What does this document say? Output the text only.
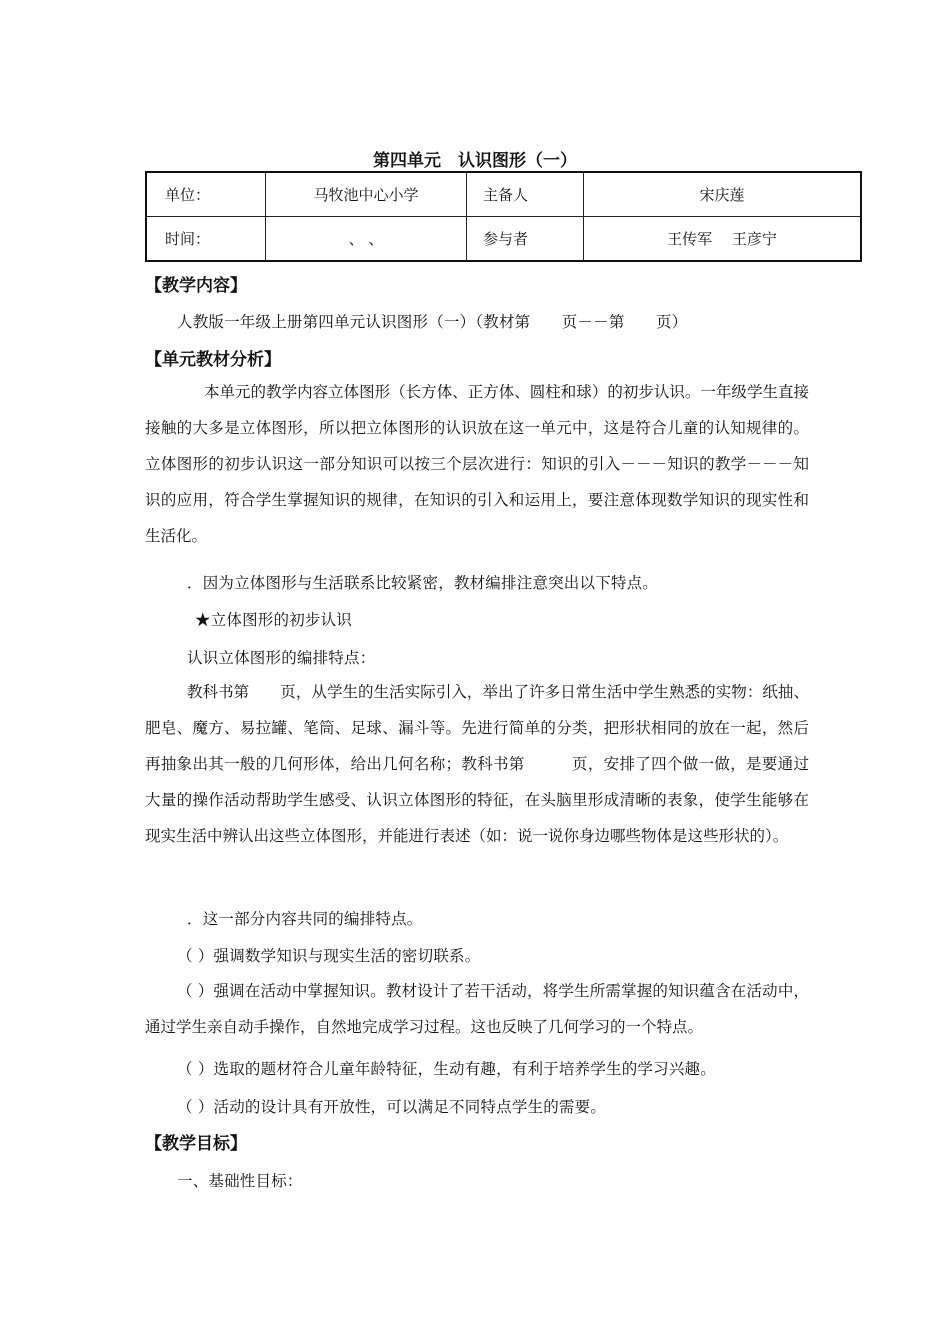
第四单元　认识图形（一）
单位：	马牧池中心小学	主备人	宋庆莲
时间：	、 、	参与者	王传军　 王彦宁
【教学内容】
人教版一年级上册第四单元认识图形（一）（教材第　　页－－第　　页）
【单元教材分析】
本单元的教学内容立体图形（长方体、正方体、圆柱和球）的初步认识。一年级学生直接接触的大多是立体图形，所以把立体图形的认识放在这一单元中，这是符合儿童的认知规律的。立体图形的初步认识这一部分知识可以按三个层次进行：知识的引入－－－知识的教学－－－知识的应用，符合学生掌握知识的规律，在知识的引入和运用上，要注意体现数学知识的现实性和生活化。
．因为立体图形与生活联系比较紧密，教材编排注意突出以下特点。
★立体图形的初步认识
认识立体图形的编排特点：
教科书第　　页，从学生的生活实际引入，举出了许多日常生活中学生熟悉的实物：纸抽、肥皂、魔方、易拉罐、笔筒、足球、漏斗等。先进行简单的分类，把形状相同的放在一起，然后再抽象出其一般的几何形体，给出几何名称；教科书第　　　页，安排了四个做一做，是要通过大量的操作活动帮助学生感受、认识立体图形的特征，在头脑里形成清晰的表象，使学生能够在现实生活中辨认出这些立体图形，并能进行表述（如：说一说你身边哪些物体是这些形状的）。
．这一部分内容共同的编排特点。
（ ）强调数学知识与现实生活的密切联系。
（ ）强调在活动中掌握知识。教材设计了若干活动，将学生所需掌握的知识蕴含在活动中，通过学生亲自动手操作，自然地完成学习过程。这也反映了几何学习的一个特点。
（ ）选取的题材符合儿童年龄特征，生动有趣，有利于培养学生的学习兴趣。
（ ）活动的设计具有开放性，可以满足不同特点学生的需要。
【教学目标】
一、基础性目标：
